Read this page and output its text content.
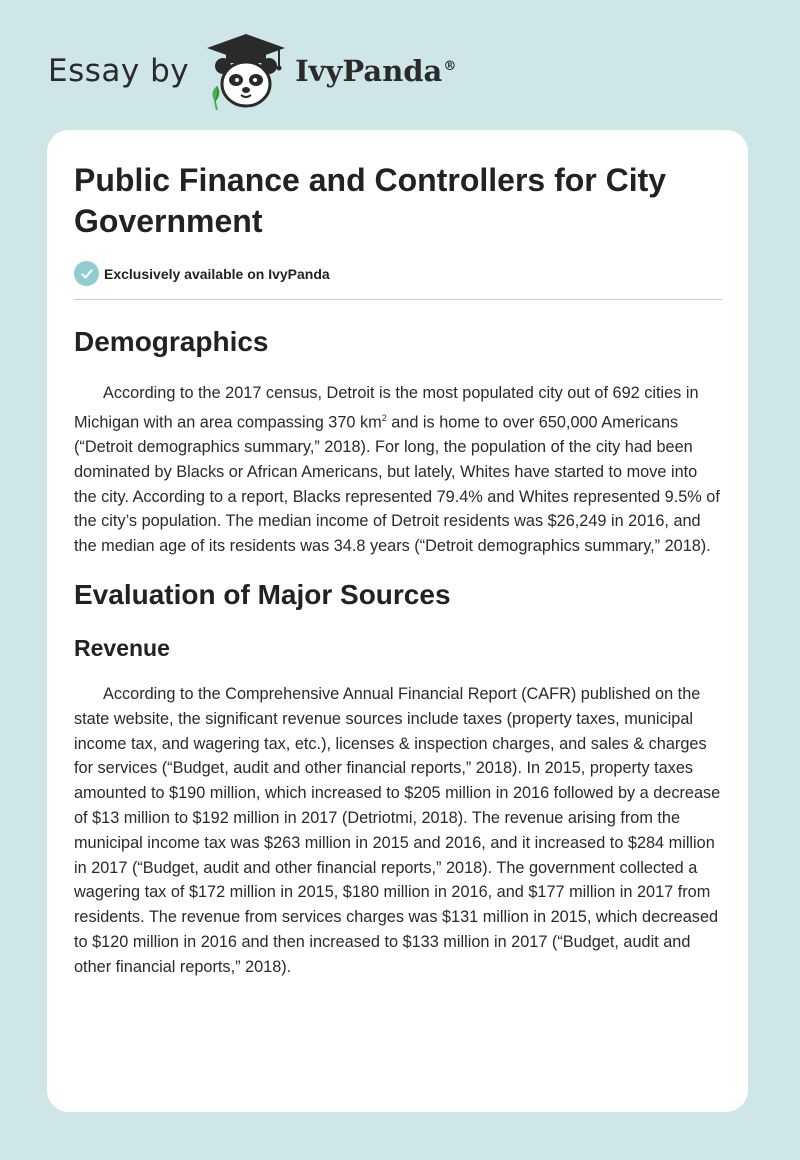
Essay by	IvyPanda®
Public Finance and Controllers for City Government
Exclusively available on IvyPanda
Demographics

According to the 2017 census, Detroit is the most populated city out of 692 cities in Michigan with an area compassing 370 $km^2$ and is home to over 650,000 Americans (“Detroit demographics summary,” 2018). For long, the population of the city had been dominated by Blacks or African Americans, but lately, Whites have started to move into the city. According to a report, Blacks represented 79.4% and Whites represented 9.5% of the city’s population. The median income of Detroit residents was $26,249 in 2016, and the median age of its residents was 34.8 years (“Detroit demographics summary,” 2018).

Evaluation of Major Sources
Revenue

According to the Comprehensive Annual Financial Report (CAFR) published on the state website, the significant revenue sources include taxes (property taxes, municipal income tax, and wagering tax, etc.), licenses & inspection charges, and sales & charges for services (“Budget, audit and other financial reports,” 2018). In 2015, property taxes amounted to $190 million, which increased to $205 million in 2016 followed by a decrease of $13 million to $192 million in 2017 (Detriotmi, 2018). The revenue arising from the municipal income tax was $263 million in 2015 and 2016, and it increased to $284 million in 2017 (“Budget, audit and other financial reports,” 2018). The government collected a wagering tax of $172 million in 2015, $180 million in 2016, and $177 million in 2017 from residents. The revenue from services charges was $131 million in 2015, which decreased to $120 million in 2016 and then increased to $133 million in 2017 (“Budget, audit and other financial reports,” 2018).
